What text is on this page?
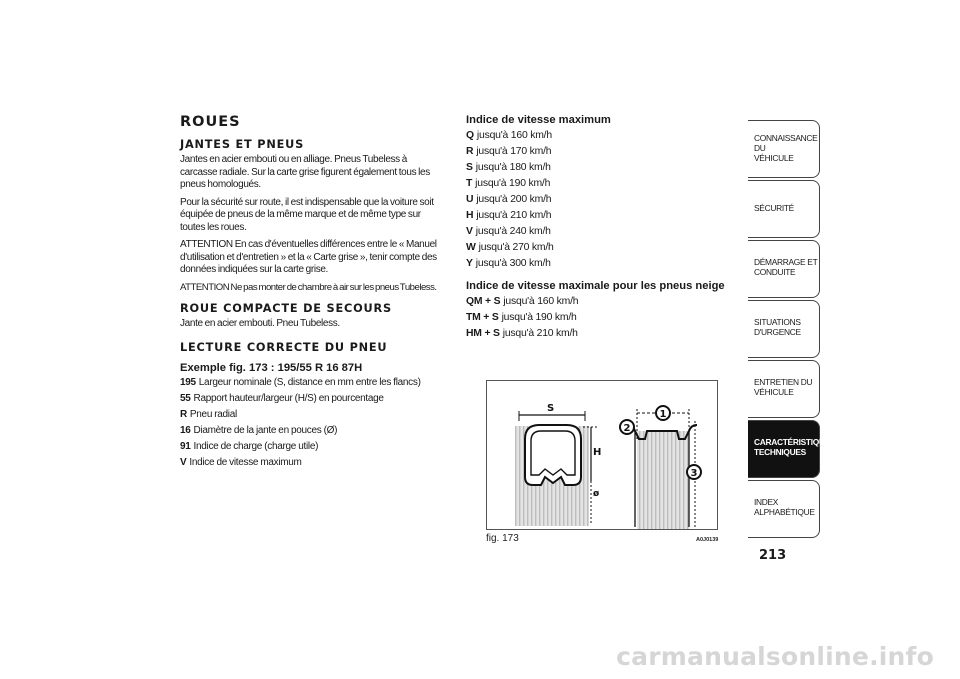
ROUES
JANTES ET PNEUS

Jantes en acier embouti ou en alliage. Pneus Tubeless à carcasse radiale. Sur la carte grise figurent également tous les pneus homologués.

Pour la sécurité sur route, il est indispensable que la voiture soit équipée de pneus de la même marque et de même type sur toutes les roues.

ATTENTION En cas d'éventuelles différences entre le « Manuel d'utilisation et d'entretien » et la « Carte grise », tenir compte des données indiquées sur la carte grise.

ATTENTION Ne pas monter de chambre à air sur les pneus Tubeless.

ROUE COMPACTE DE SECOURS

Jante en acier embouti. Pneu Tubeless.

LECTURE CORRECTE DU PNEU
Exemple fig. 173 : 195/55 R 16 87H

195 Largeur nominale (S, distance en mm entre les flancs)

55 Rapport hauteur/largeur (H/S) en pourcentage

R Pneu radial

16 Diamètre de la jante en pouces (Ø)

91 Indice de charge (charge utile)

V Indice de vitesse maximum

Indice de vitesse maximum

Q jusqu'à 160 km/h

R jusqu'à 170 km/h

S jusqu'à 180 km/h

T jusqu'à 190 km/h

U jusqu'à 200 km/h

H jusqu'à 210 km/h

V jusqu'à 240 km/h

W jusqu'à 270 km/h

Y jusqu'à 300 km/h

Indice de vitesse maximale pour les pneus neige

QM + S jusqu'à 160 km/h

TM + S jusqu'à 190 km/h

HM + S jusqu'à 210 km/h

S
H
ø
1
2
3
fig. 173	A0J0139
CONNAISSANCE DU
VÉHICULE
SÉCURITÉ
DÉMARRAGE ET
CONDUITE
SITUATIONS
D'URGENCE
ENTRETIEN DU
VÉHICULE
CARACTÉRISTIQUES
TECHNIQUES
INDEX
ALPHABÉTIQUE
213
carmanualsonline.info
